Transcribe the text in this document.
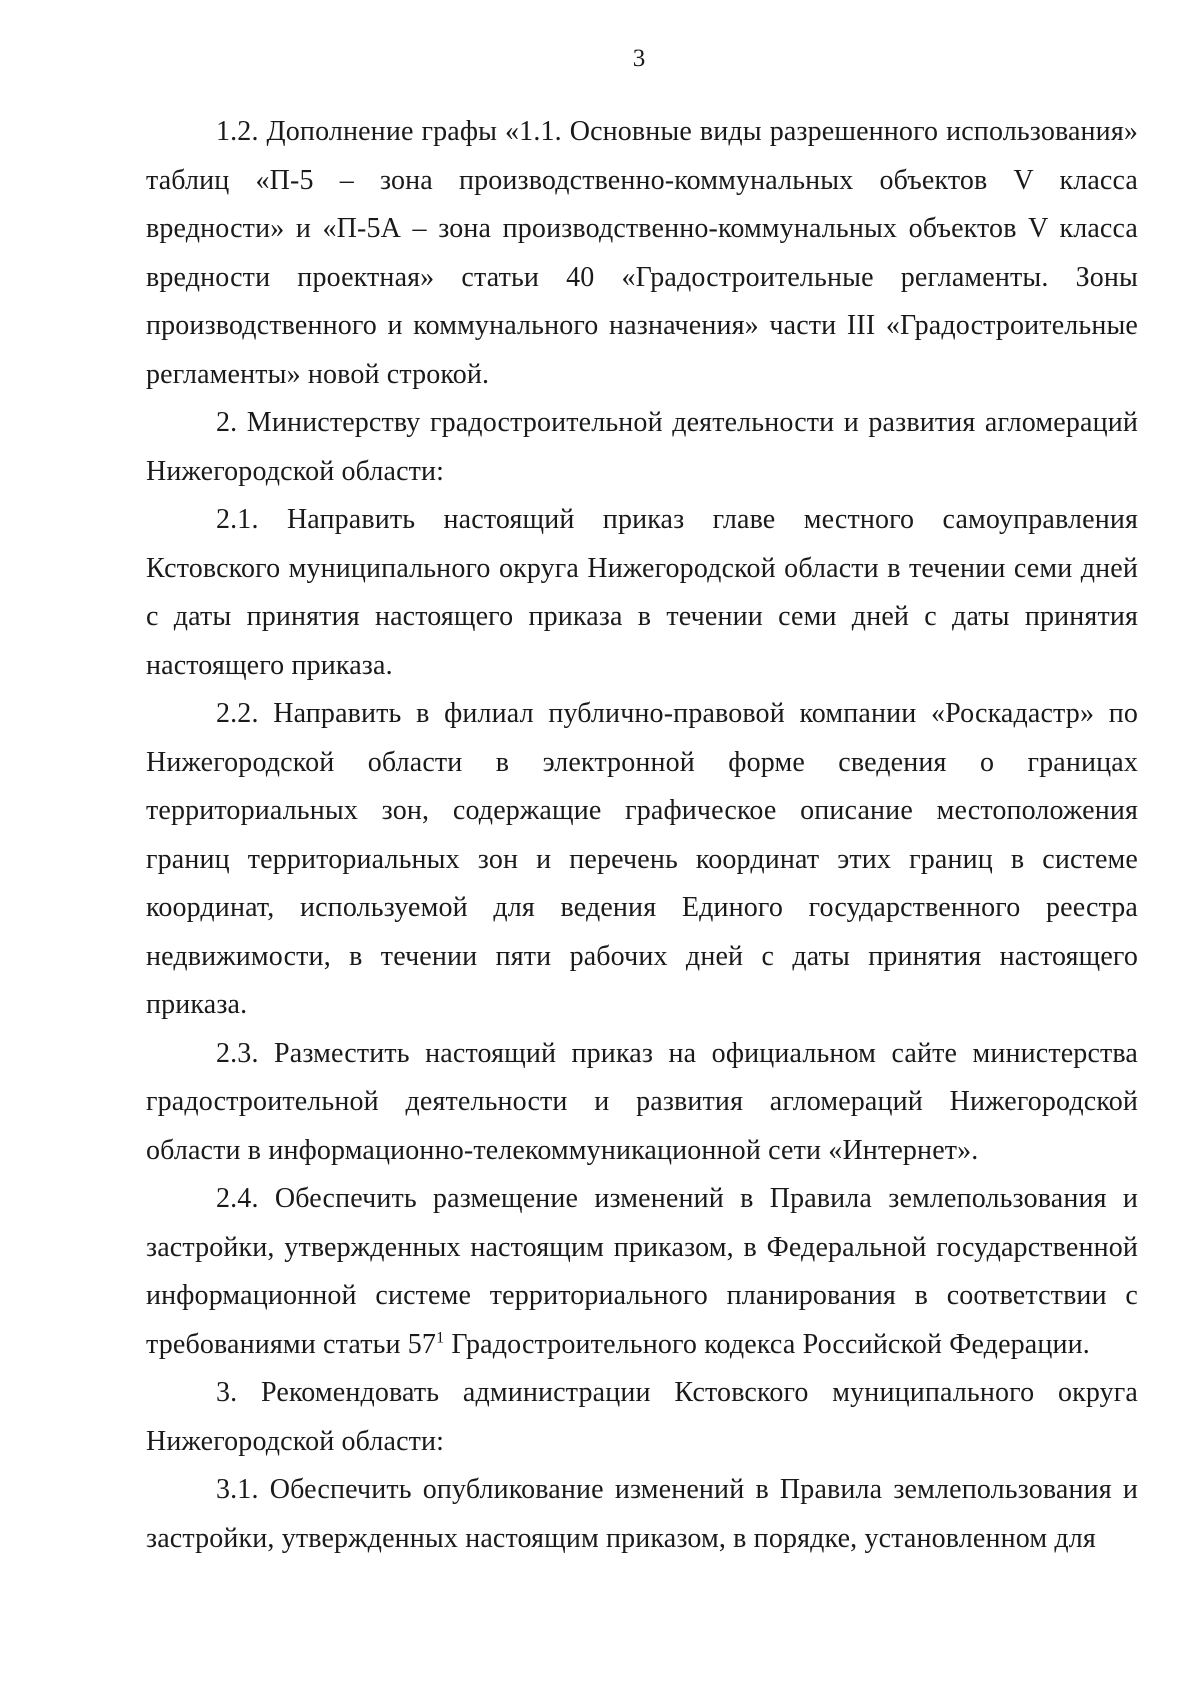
3

1.2. Дополнение графы «1.1. Основные виды разрешенного использования» таблиц «П-5 – зона производственно-коммунальных объектов V класса вредности» и «П-5А – зона производственно-коммунальных объектов V класса вредности проектная» статьи 40 «Градостроительные регламенты. Зоны производственного и коммунального назначения» части III «Градостроительные регламенты» новой строкой.

2. Министерству градостроительной деятельности и развития агломераций Нижегородской области:

2.1. Направить настоящий приказ главе местного самоуправления Кстовского муниципального округа Нижегородской области в течении семи дней с даты принятия настоящего приказа в течении семи дней с даты принятия настоящего приказа.

2.2. Направить в филиал публично-правовой компании «Роскадастр» по Нижегородской области в электронной форме сведения о границах территориальных зон, содержащие графическое описание местоположения границ территориальных зон и перечень координат этих границ в системе координат, используемой для ведения Единого государственного реестра недвижимости, в течении пяти рабочих дней с даты принятия настоящего приказа.

2.3. Разместить настоящий приказ на официальном сайте министерства градостроительной деятельности и развития агломераций Нижегородской области в информационно-телекоммуникационной сети «Интернет».

2.4. Обеспечить размещение изменений в Правила землепользования и застройки, утвержденных настоящим приказом, в Федеральной государственной информационной системе территориального планирования в соответствии с требованиями статьи $57^1$ Градостроительного кодекса Российской Федерации.

3. Рекомендовать администрации Кстовского муниципального округа Нижегородской области:

3.1. Обеспечить опубликование изменений в Правила землепользования и застройки, утвержденных настоящим приказом, в порядке, установленном для
